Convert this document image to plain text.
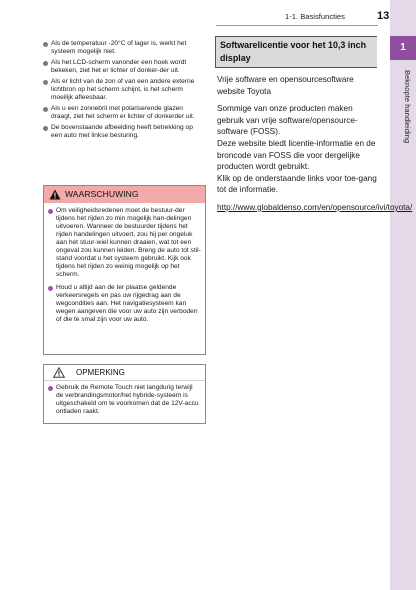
1-1. Basisfuncties	13
1
Beknopte handleiding
Als de temperatuur -20°C of lager is, werkt het systeem mogelijk niet.
Als het LCD-scherm vanonder een hoek wordt bekeken, ziet het er lichter of donker-der uit.
Als er licht van de zon of van een andere externe lichtbron op het scherm schijnt, is het scherm moeilijk afleesbaar.
Als u een zonnebril met polariserende glazen draagt, ziet het scherm er lichter of donkerder uit.
De bovenstaande afbeelding heeft betrekking op een auto met linkse besturing.
WAARSCHUWING
Om veiligheidsredenen moet de bestuur-der tijdens het rijden zo min mogelijk han-delingen uitvoeren. Wanneer de bestuurder tijdens het rijden handelingen uitvoert, zou hij per ongeluk aan het stuur-wiel kunnen draaien, wat tot een ongeval zou kunnen leiden. Breng de auto tot stil-stand voordat u het systeem gebruikt. Kijk ook tijdens het rijden zo weinig mogelijk op het scherm.
Houd u altijd aan de ter plaatse geldende verkeersregels en pas uw rijgedrag aan de wegcondities aan. Het navigatiesysteem kan wegen aangeven die voor uw auto zijn verboden of die te smal zijn voor uw auto.
OPMERKING
Gebruik de Remote Touch niet langdurig terwijl de verbrandingsmotor/het hybride-systeem is uitgeschakeld om te voorkomen dat de 12V-accu ontladen raakt.
Softwarelicentie voor het 10,3 inch display

Vrije software en opensourcesoftware website Toyota

Sommige van onze producten maken gebruik van vrije software/opensource-software (FOSS).

Deze website biedt licentie-informatie en de broncode van FOSS die voor dergelijke producten wordt gebruikt.

Klik op de onderstaande links voor toe-gang tot de informatie.

http://www.globaldenso.com/en/opensource/ivi/toyota/
